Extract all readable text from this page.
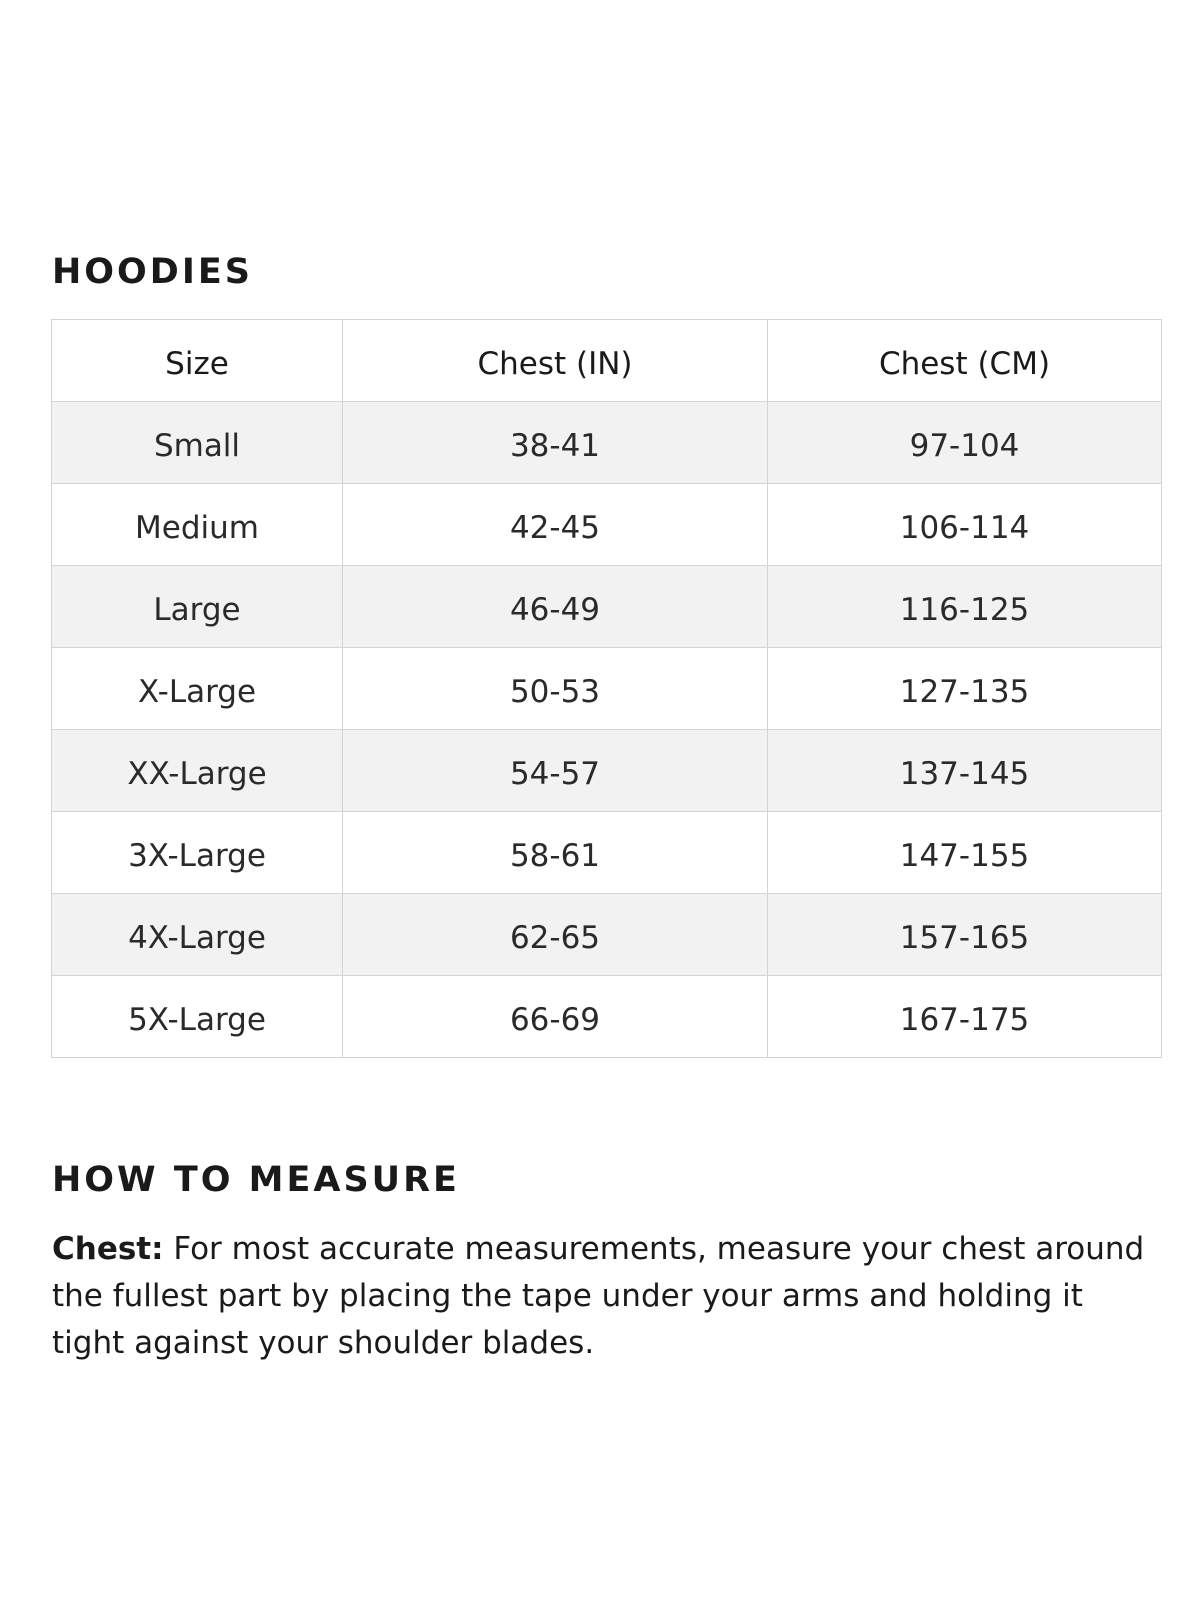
HOODIES
Size	Chest (IN)	Chest (CM)
Small	38-41	97-104
Medium	42-45	106-114
Large	46-49	116-125
X-Large	50-53	127-135
XX-Large	54-57	137-145
3X-Large	58-61	147-155
4X-Large	62-65	157-165
5X-Large	66-69	167-175
HOW TO MEASURE

Chest: For most accurate measurements, measure your chest around the fullest part by placing the tape under your arms and holding it tight against your shoulder blades.
